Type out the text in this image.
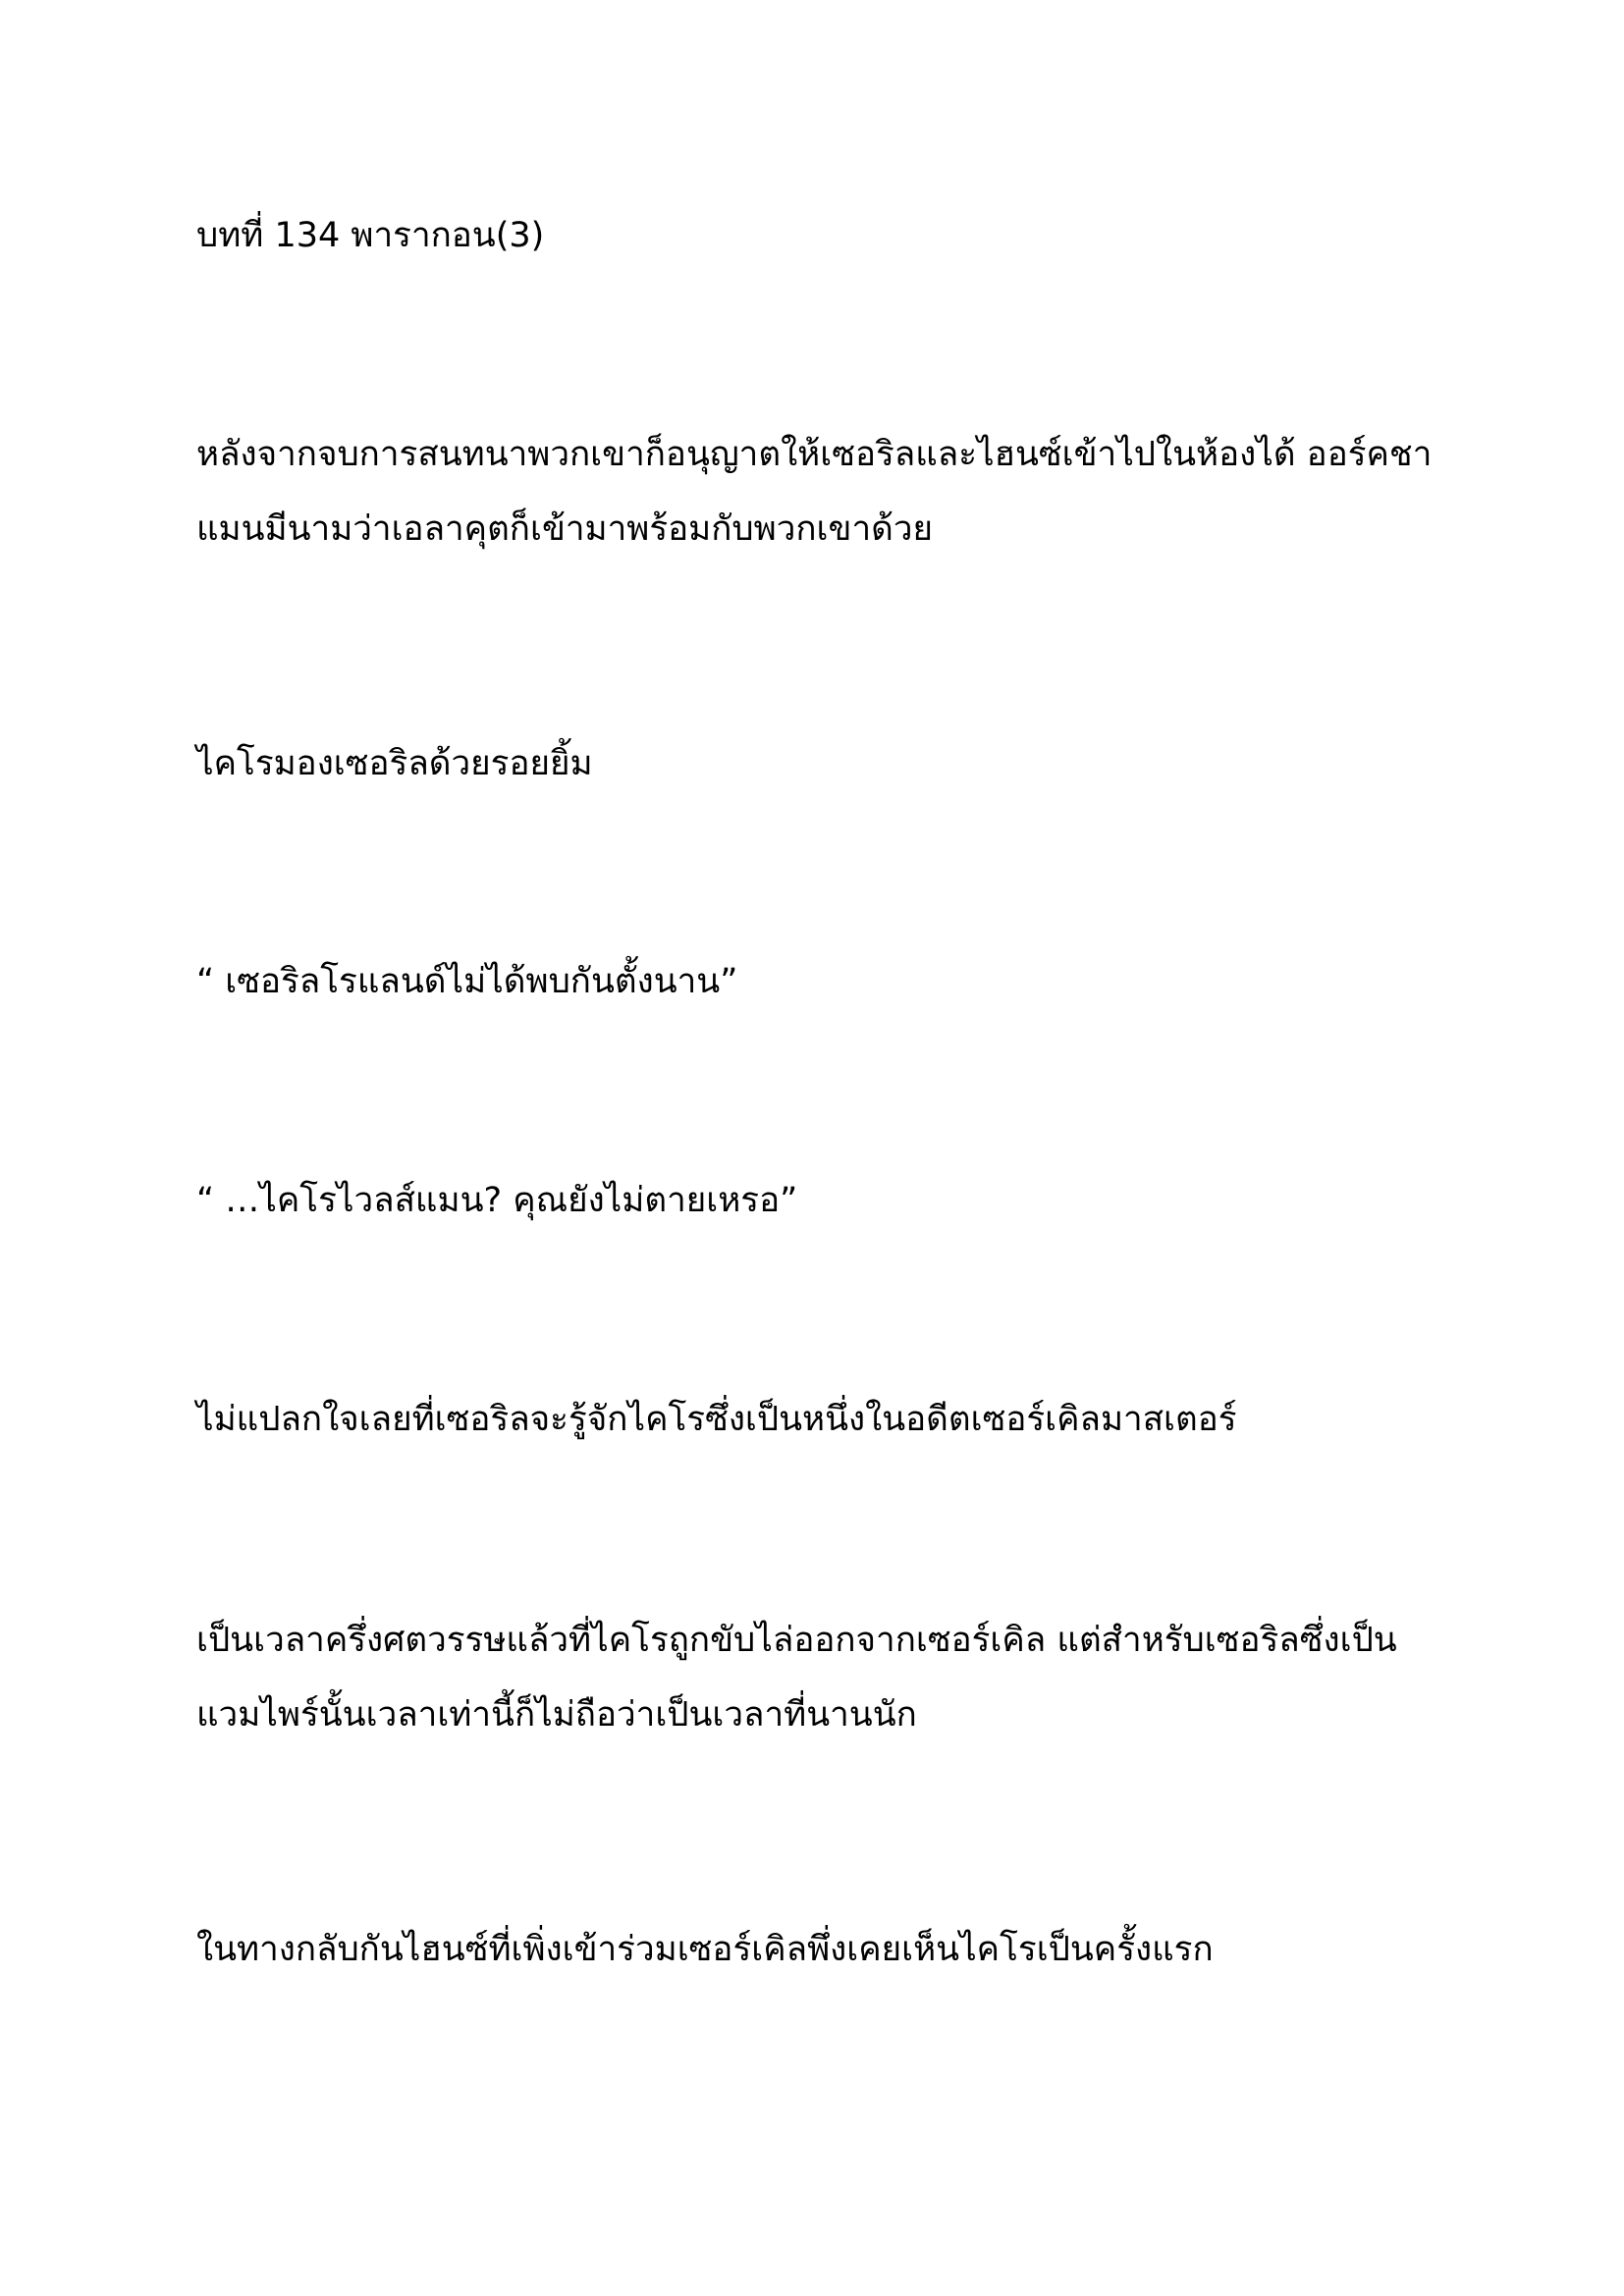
บทที่ 134 พารากอน(3)

หลังจากจบการสนทนาพวกเขาก็อนุญาตให้เซอริลและไฮนซ์เข้าไปในห้องได้ ออร์คชา
แมนมีนามว่าเอลาคุตก็เข้ามาพร้อมกับพวกเขาด้วย

ไคโรมองเซอริลด้วยรอยยิ้ม

“ เซอริลโรแลนด์ไม่ได้พบกันตั้งนาน”

“ …ไคโรไวลส์แมน? คุณยังไม่ตายเหรอ”

ไม่แปลกใจเลยที่เซอริลจะรู้จักไคโรซึ่งเป็นหนึ่งในอดีตเซอร์เคิลมาสเตอร์

เป็นเวลาครึ่งศตวรรษแล้วที่ไคโรถูกขับไล่ออกจากเซอร์เคิล แต่สำหรับเซอริลซึ่งเป็น
แวมไพร์นั้นเวลาเท่านี้ก็ไม่ถือว่าเป็นเวลาที่นานนัก

ในทางกลับกันไฮนซ์ที่เพิ่งเข้าร่วมเซอร์เคิลพึ่งเคยเห็นไคโรเป็นครั้งแรก
